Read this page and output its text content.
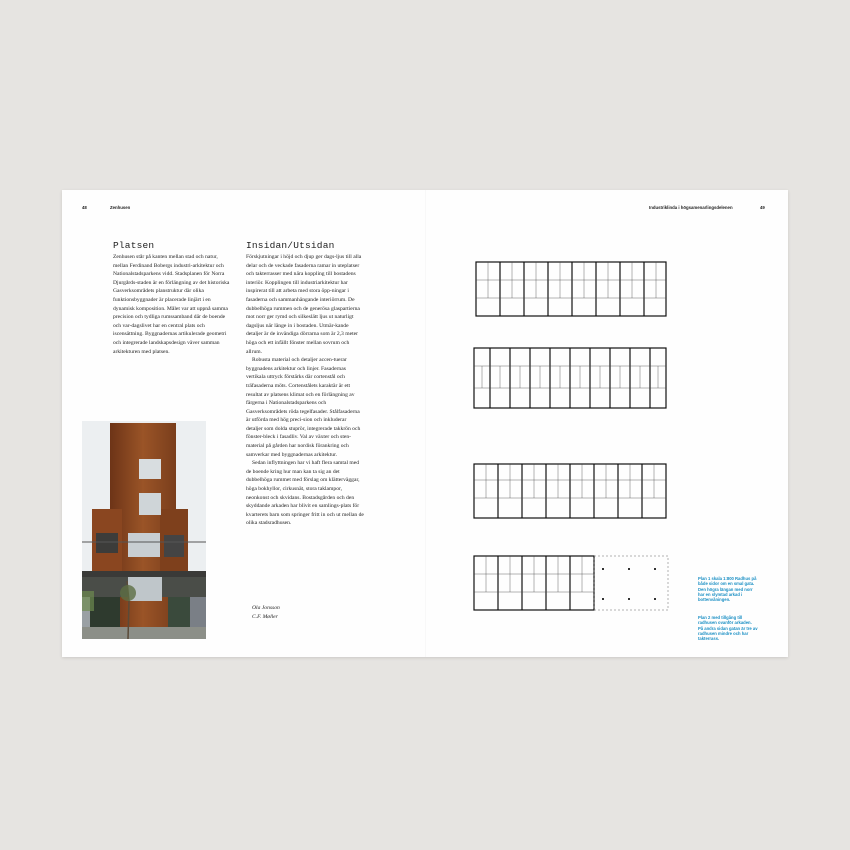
48	Zenhusen	Industriklinda i högsamenarlingsdelenen	49
Platsen	Insidan/Utsidan

Zenhusen står på kanten mellan stad och natur, mellan Ferdinand Bobergs industri-arkitektur och Nationalstadsparkens vidd. Stadsplanen för Norra Djurgårds-staden är en förlängning av det historiska Gasverksområdets planstruktur där olika funktionsbyggnader är placerade linjärt i en dynamisk komposition. Målet var att uppnå samma precision och tydliga rumssamband där de boende och var-dagslivet har en central plats och iscensättning. Byggnadernas artikulerade geometri och integrerade landskapsdesign väver samman arkitekturen med platsen.

Förskjutningar i höjd och djup ger dags-ljus till alla delar och de veckade fasaderna ramar in uteplatser och takterrasser med nära koppling till bostadens interiör. Kopplingen till industriarkitektur har inspirerat till att arbeta med stora öpp-ningar i fasaderna och sammanhängande interiörrum. De dubbelhöga rummen och de generösa glaspartierna mot norr ger rymd och silkeslätt ljus ut naturligt dagsljus när länge in i bostaden. Utmär-kande detaljer är de invändiga dörrarna som är 2,3 meter höga och ett infällt fönster mellan sovrum och allrum.

Robusta material och detaljer accen-tuerar byggnadens arkitektur och linjer. Fasadernas vertikala uttryck förstärks där cortenstål och träfasaderna möts. Cortenstålets karaktär är ett resultat av platsens klimat och en förlängning av färgerna i Nationalstadsparkens och Gasverksområdets röda tegelfasader. Stålfasaderna är utförda med hög preci-sion och inkluderar detaljer som dolda stuprör, integrerade takkrön och fönster-bleck i fasadliv. Val av växter och sten-material på gården har nordisk förankring och samverkar med byggnadernas arkitektur.

Sedan inflyttningen har vi haft flera samtal med de boende kring hur man kan ta sig an det dubbelhöga rummet med förslag om klätterväggar, höga bokhyllor, cirkusnät, stora taklampor, neonkonst och skvidans. Bostadsgården och den skyddande arkaden har blivit en samlings-plats för kvarterets barn som springer fritt in och ut mellan de olika stadsradhusen.

Ola Jonsson
C.F. Møller
Plan 1 skala 1:800 Radhus på både sidor om en smal gata. Den högra längan med norr har en slymtad arkad i bottenvåningen.
Plan 2 med tillgång till radhusen ovanför arkaden. På andra sidan gatan är tre av radhusen mindre och har takterrass.
